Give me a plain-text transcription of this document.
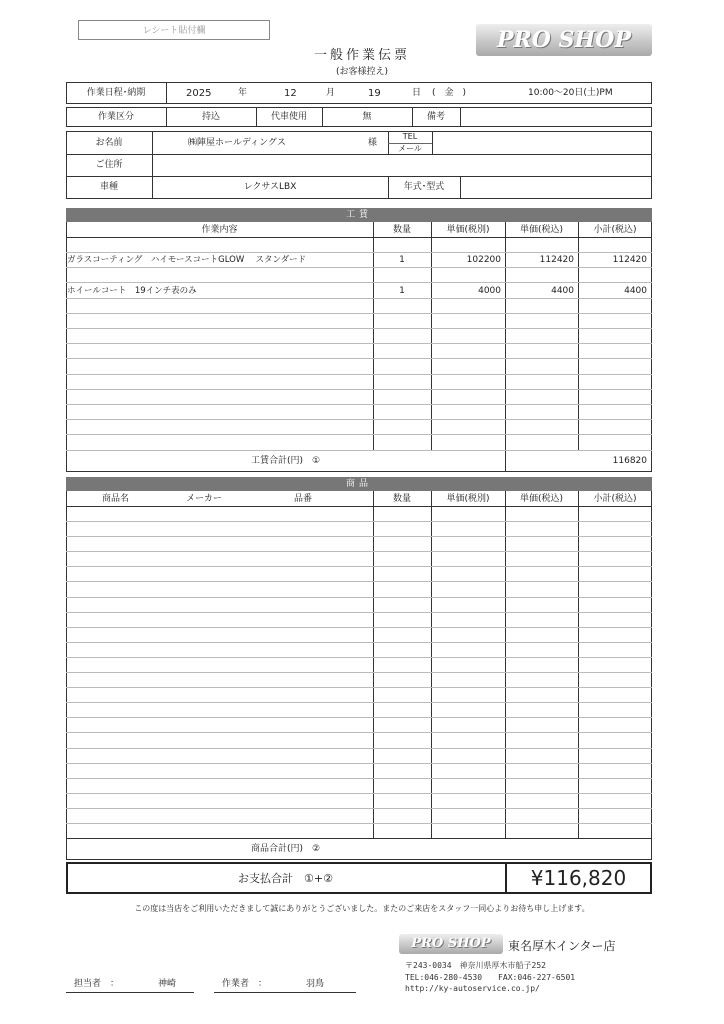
レシート貼付欄	PRO SHOP
一般作業伝票
(お客様控え)
作業日程･納期	2025	年	12	月	19	日 (　金　)	10:00〜20日(土)PM
作業区分	持込	代車使用	無	備考
お名前	㈱陣屋ホールディングス	様
TEL
メール
ご住所
車種	レクサスLBX	年式･型式
工賃
作業内容	数量	単価(税別)	単価(税込)	小計(税込)
ガラスコーティング　ハイモースコートGLOW　 スタンダード	1	102200	112420	112420
ホイールコート　19インチ表のみ	1	4000	4400	4400
工賃合計(円)　①	116820
商品
商品名	メーカー	品番	数量	単価(税別)	単価(税込)	小計(税込)
商品合計(円)　②
お支払合計　①+②	¥116,820
この度は当店をご利用いただきまして誠にありがとうございました。またのご来店をスタッフ一同心よりお待ち申し上げます。
PRO SHOP	東名厚木インター店
〒243-0034　神奈川県厚木市船子252
TEL:046-280-4530　　FAX:046-227-6501
http://ky-autoservice.co.jp/
担当者　：	神崎	作業者　：	羽鳥
